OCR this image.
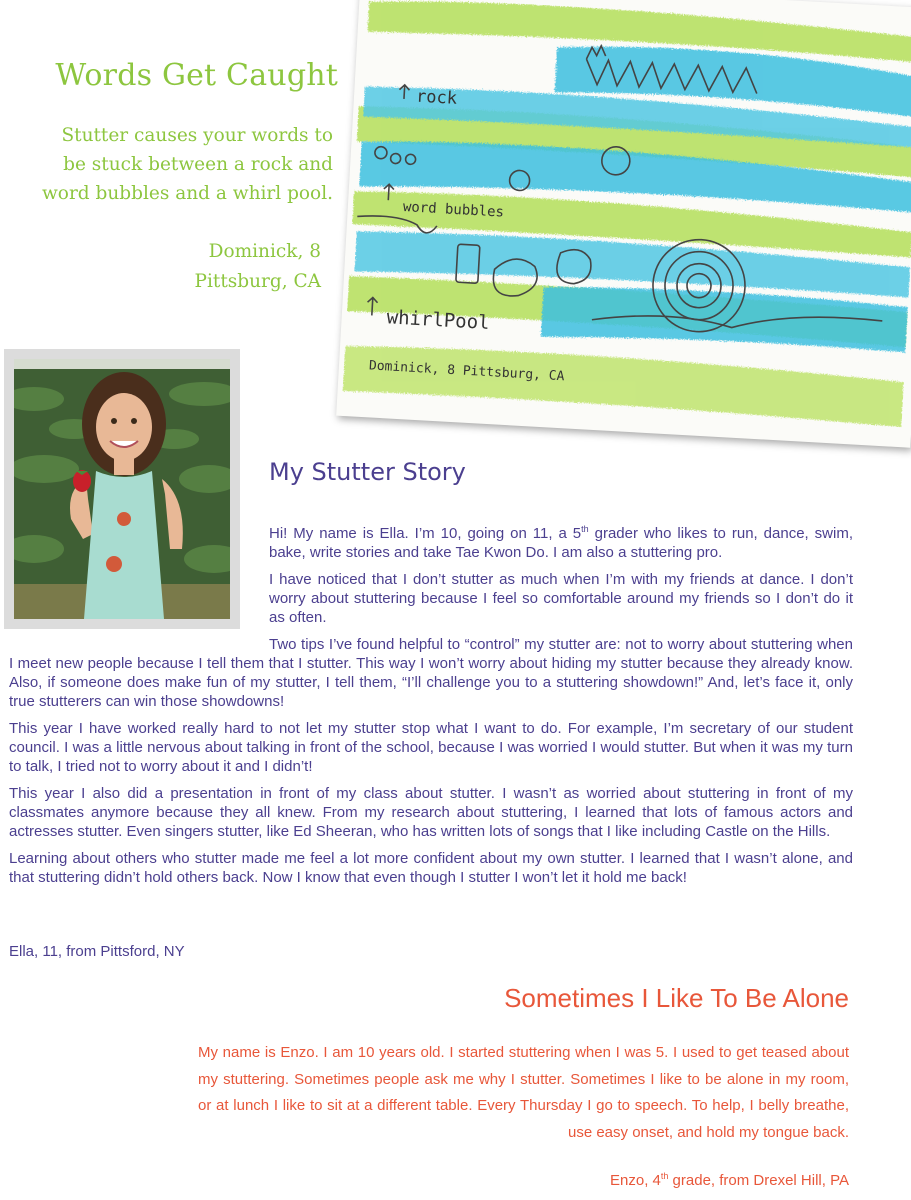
Words Get Caught

Stutter causes your words to
be stuck between a rock and
word bubbles and a whirl pool.

Dominick, 8
Pittsburg, CA
rock
word bubbles
whirlPool
Dominick, 8 Pittsburg, CA
My Stutter Story

Hi! My name is Ella. I’m 10, going on 11, a 5th grader who likes to run, dance, swim, bake, write stories and take Tae Kwon Do. I am also a stuttering pro.

I have noticed that I don’t stutter as much when I’m with my friends at dance. I don’t worry about stuttering because I feel so comfortable around my friends so I don’t do it as often.

Two tips I’ve found helpful to “control” my stutter are: not to worry about stuttering when I meet new people because I tell them that I stutter. This way I won’t worry about hiding my stutter because they already know. Also, if someone does make fun of my stutter, I tell them, “I’ll challenge you to a stuttering showdown!” And, let’s face it, only true stutterers can win those showdowns!

This year I have worked really hard to not let my stutter stop what I want to do. For example, I’m secretary of our student council. I was a little nervous about talking in front of the school, because I was worried I would stutter. But when it was my turn to talk, I tried not to worry about it and I didn’t!

This year I also did a presentation in front of my class about stutter. I wasn’t as worried about stuttering in front of my classmates anymore because they all knew. From my research about stuttering, I learned that lots of famous actors and actresses stutter. Even singers stutter, like Ed Sheeran, who has written lots of songs that I like including Castle on the Hills.

Learning about others who stutter made me feel a lot more confident about my own stutter. I learned that I wasn’t alone, and that stuttering didn’t hold others back. Now I know that even though I stutter I won’t let it hold me back!

Ella, 11, from Pittsford, NY
Sometimes I Like To Be Alone

My name is Enzo. I am 10 years old. I started stuttering when I was 5. I used to get teased about my stuttering. Sometimes people ask me why I stutter. Sometimes I like to be alone in my room, or at lunch I like to sit at a different table. Every Thursday I go to speech. To help, I belly breathe, use easy onset, and hold my tongue back.

Enzo, 4th grade, from Drexel Hill, PA
